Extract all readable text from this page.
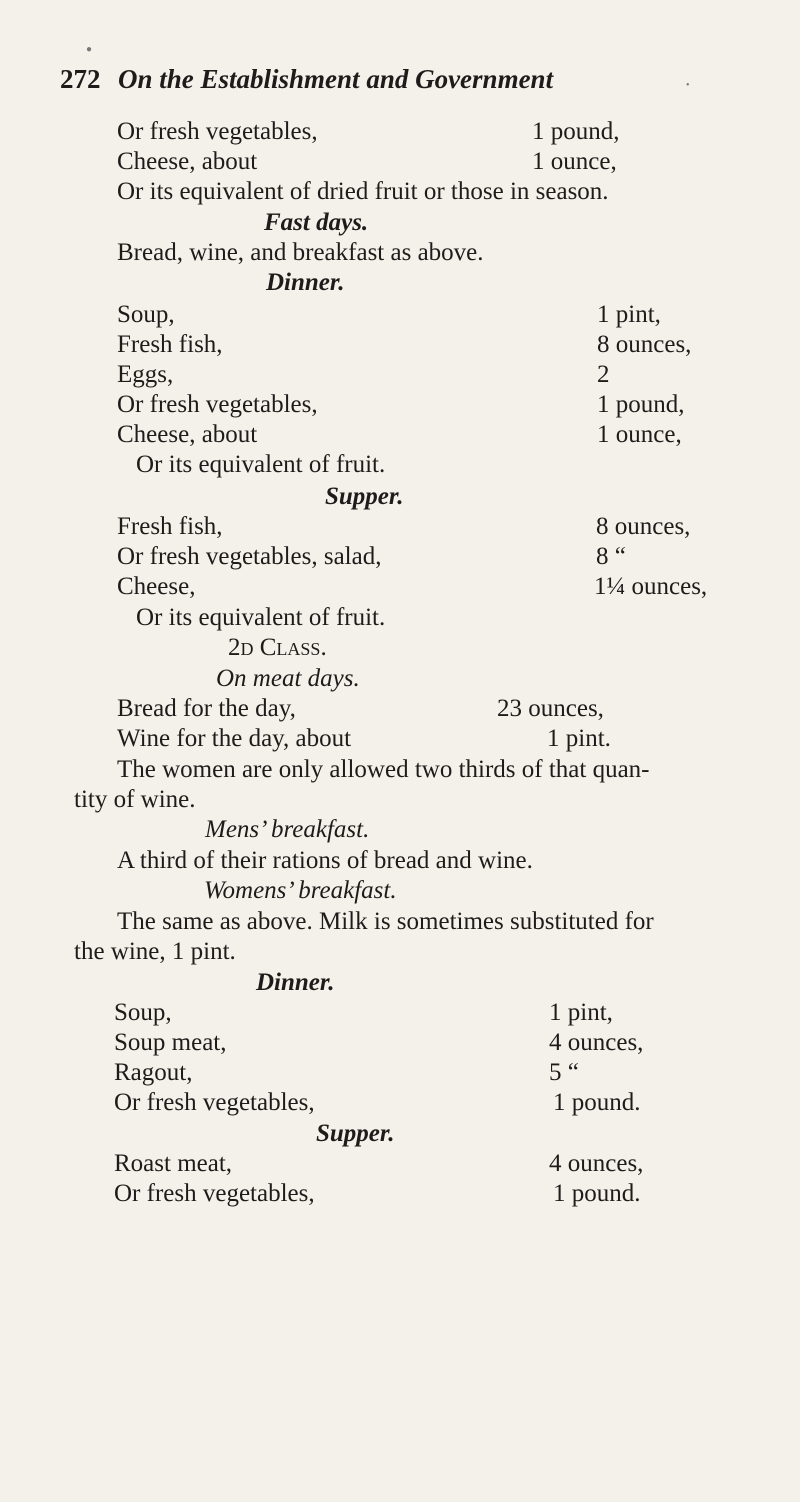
●
•
272 On the Establishment and Government
Or fresh vegetables,	1 pound,
Cheese, about	1 ounce,
Or its equivalent of dried fruit or those in season.
Fast days.
Bread, wine, and breakfast as above.
Dinner.
Soup,	1 pint,
Fresh fish,	8 ounces,
Eggs,	2
Or fresh vegetables,	1 pound,
Cheese, about	1 ounce,
Or its equivalent of fruit.
Supper.
Fresh fish,	8 ounces,
Or fresh vegetables, salad,	8 “
Cheese,	1¼ ounces,
Or its equivalent of fruit.
2d Class.
On meat days.
Bread for the day,	23 ounces,
Wine for the day, about	1 pint.
The women are only allowed two thirds of that quan-
tity of wine.
Mens’ breakfast.
A third of their rations of bread and wine.
Womens’ breakfast.
The same as above. Milk is sometimes substituted for
the wine, 1 pint.
Dinner.
Soup,	1 pint,
Soup meat,	4 ounces,
Ragout,	5 “
Or fresh vegetables,	1 pound.
Supper.
Roast meat,	4 ounces,
Or fresh vegetables,	1 pound.
